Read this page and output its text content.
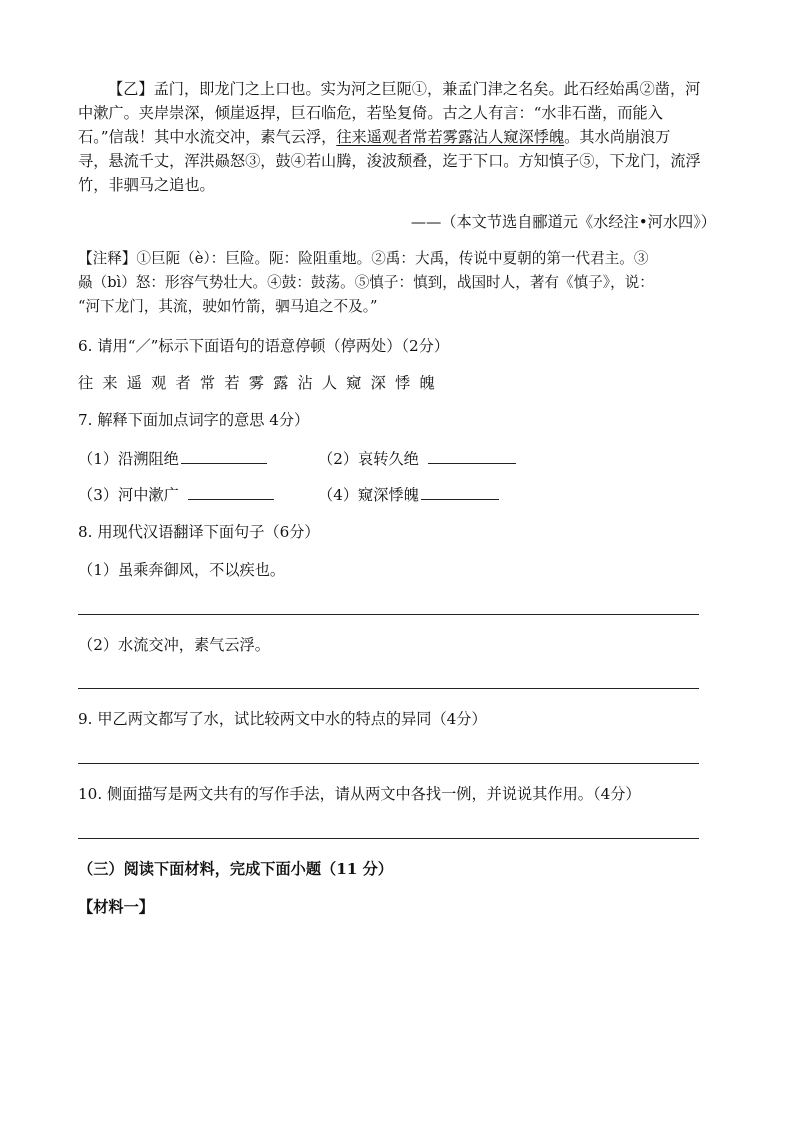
【乙】孟门，即龙门之上口也。实为河之巨阨①，兼孟门津之名矣。此石经始禹②凿，河
中漱广。夹岸崇深，倾崖返捍，巨石临危，若坠复倚。古之人有言：“水非石凿，而能入
石。”信哉！其中水流交冲，素气云浮，往来遥观者常若雾露沾人窥深悸魄。其水尚崩浪万
寻，悬流千丈，浑洪赑怒③，鼓④若山腾，浚波颓叠，迄于下口。方知慎子⑤，下龙门，流浮
竹，非驷马之追也。
——（本文节选自郦道元《水经注•河水四》）
【注释】①巨阨（è）：巨险。阨：险阻重地。②禹：大禹，传说中夏朝的第一代君主。③
赑（bì）怒：形容气势壮大。④鼓：鼓荡。⑤慎子：慎到，战国时人，著有《慎子》，说：
“河下龙门，其流，驶如竹箭，驷马追之不及。”
6. 请用“／”标示下面语句的语意停顿（停两处）（2分）
往来遥观者常若雾露沾人窥深悸魄
7. 解释下面加点词字的意思 4分）
（1）沿溯阻绝	（2）哀转久绝
（3）河中漱广	（4）窥深悸魄
8. 用现代汉语翻译下面句子（6分）
（1）虽乘奔御风，不以疾也。
（2）水流交冲，素气云浮。
9. 甲乙两文都写了水，试比较两文中水的特点的异同（4分）
10. 侧面描写是两文共有的写作手法，请从两文中各找一例，并说说其作用。（4分）
（三）阅读下面材料，完成下面小题（11 分）
【材料一】
